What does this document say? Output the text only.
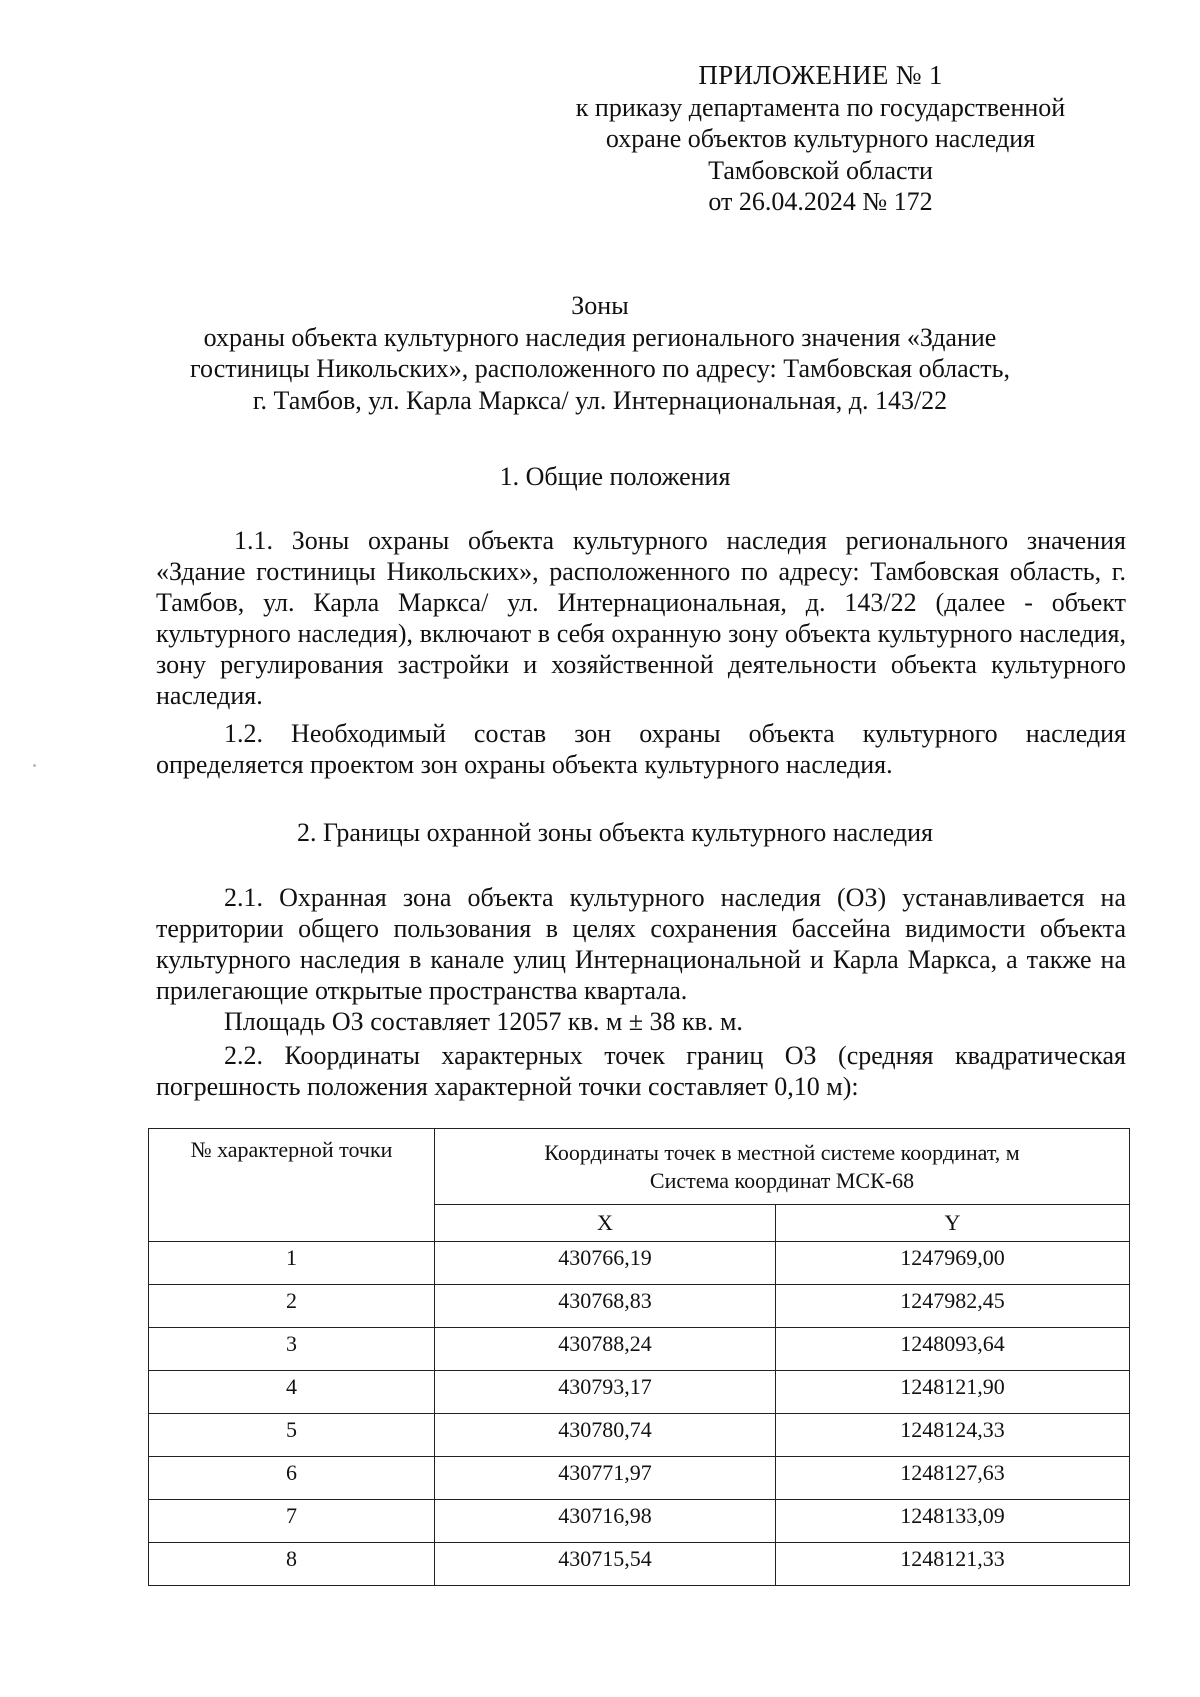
ПРИЛОЖЕНИЕ № 1
к приказу департамента по государственной
охране объектов культурного наследия
Тамбовской области
от 26.04.2024 № 172
Зоны
охраны объекта культурного наследия регионального значения «Здание
гостиницы Никольских», расположенного по адресу: Тамбовская область,
г. Тамбов, ул. Карла Маркса/ ул. Интернациональная, д. 143/22
1. Общие положения
1.1. Зоны охраны объекта культурного наследия регионального значения «Здание гостиницы Никольских», расположенного по адресу: Тамбовская область, г. Тамбов, ул. Карла Маркса/ ул. Интернациональная, д. 143/22 (далее - объект культурного наследия), включают в себя охранную зону объекта культурного наследия, зону регулирования застройки и хозяйственной деятельности объекта культурного наследия.
1.2. Необходимый состав зон охраны объекта культурного наследия определяется проектом зон охраны объекта культурного наследия.
2. Границы охранной зоны объекта культурного наследия
2.1. Охранная зона объекта культурного наследия (ОЗ) устанавливается на территории общего пользования в целях сохранения бассейна видимости объекта культурного наследия в канале улиц Интернациональной и Карла Маркса, а также на прилегающие открытые пространства квартала.
Площадь ОЗ составляет 12057 кв. м ± 38 кв. м.
2.2. Координаты характерных точек границ ОЗ (средняя квадратическая погрешность положения характерной точки составляет 0,10 м):
№ характерной точки	Координаты точек в местной системе координат, м
Система координат МСК-68	

	X	Y
1	430766,19	1247969,00
2	430768,83	1247982,45
3	430788,24	1248093,64
4	430793,17	1248121,90
5	430780,74	1248124,33
6	430771,97	1248127,63
7	430716,98	1248133,09
8	430715,54	1248121,33
